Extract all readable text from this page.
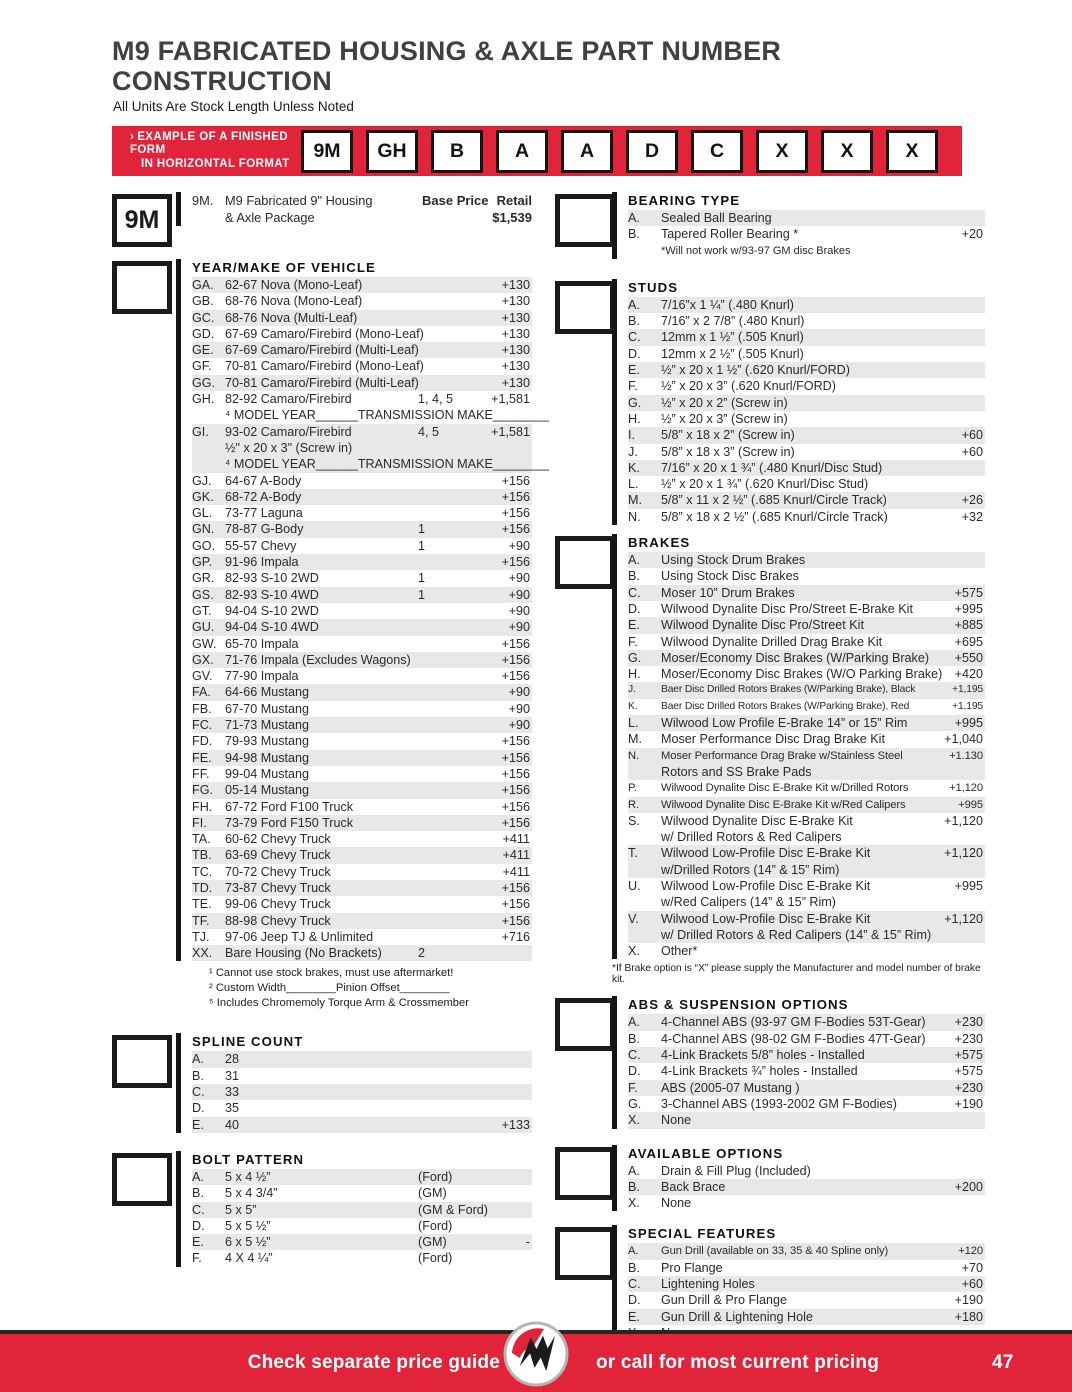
M9 FABRICATED HOUSING & AXLE PART NUMBER CONSTRUCTION
All Units Are Stock Length Unless Noted
› EXAMPLE OF A FINISHED FORM
IN HORIZONTAL FORMAT
9M	GH	B	A	A	D	C	X	X	X
9M
9M. M9 Fabricated 9" Housing	Base Price Retail
& Axle Package	$1,539
YEAR/MAKE OF VEHICLE
GA. 62-67 Nova (Mono-Leaf)	+130
GB. 68-76 Nova (Mono-Leaf)	+130
GC. 68-76 Nova (Multi-Leaf)	+130
GD. 67-69 Camaro/Firebird (Mono-Leaf)	+130
GE. 67-69 Camaro/Firebird (Multi-Leaf)	+130
GF. 70-81 Camaro/Firebird (Mono-Leaf)	+130
GG. 70-81 Camaro/Firebird (Multi-Leaf)	+130
GH. 82-92 Camaro/Firebird	1, 4, 5	+1,581
⁴ MODEL YEAR______TRANSMISSION MAKE________
GI. 93-02 Camaro/Firebird	4, 5	+1,581
½" x 20 x 3" (Screw in)
⁴ MODEL YEAR______TRANSMISSION MAKE________
GJ. 64-67 A-Body	+156
GK. 68-72 A-Body	+156
GL. 73-77 Laguna	+156
GN. 78-87 G-Body	1	+156
GO. 55-57 Chevy	1	+90
GP. 91-96 Impala	+156
GR. 82-93 S-10 2WD	1	+90
GS. 82-93 S-10 4WD	1	+90
GT. 94-04 S-10 2WD	+90
GU. 94-04 S-10 4WD	+90
GW. 65-70 Impala	+156
GX. 71-76 Impala (Excludes Wagons)	+156
GV. 77-90 Impala	+156
FA. 64-66 Mustang	+90
FB. 67-70 Mustang	+90
FC. 71-73 Mustang	+90
FD. 79-93 Mustang	+156
FE. 94-98 Mustang	+156
FF. 99-04 Mustang	+156
FG. 05-14 Mustang	+156
FH. 67-72 Ford F100 Truck	+156
FI. 73-79 Ford F150 Truck	+156
TA. 60-62 Chevy Truck	+411
TB. 63-69 Chevy Truck	+411
TC. 70-72 Chevy Truck	+411
TD. 73-87 Chevy Truck	+156
TE. 99-06 Chevy Truck	+156
TF. 88-98 Chevy Truck	+156
TJ. 97-06 Jeep TJ & Unlimited	+716
XX. Bare Housing (No Brackets)	2
¹ Cannot use stock brakes, must use aftermarket!
² Custom Width________Pinion Offset________
⁵ Includes Chromemoly Torque Arm & Crossmember
SPLINE COUNT
A. 28
B. 31
C. 33
D. 35
E. 40	+133
BOLT PATTERN
A. 5 x 4 ½”	(Ford)
B. 5 x 4 3/4”	(GM)
C. 5 x 5”	(GM & Ford)
D. 5 x 5 ½”	(Ford)
E. 6 x 5 ½”	(GM)	-
F. 4 X 4 ¼”	(Ford)
BEARING TYPE
A. Sealed Ball Bearing
B. Tapered Roller Bearing *	+20
*Will not work w/93-97 GM disc Brakes
STUDS
A. 7/16”x 1 ¼” (.480 Knurl)
B. 7/16” x 2 7/8” (.480 Knurl)
C. 12mm x 1 ½” (.505 Knurl)
D. 12mm x 2 ½” (.505 Knurl)
E. ½” x 20 x 1 ½” (.620 Knurl/FORD)
F. ½” x 20 x 3” (.620 Knurl/FORD)
G. ½” x 20 x 2” (Screw in)
H. ½” x 20 x 3” (Screw in)
I. 5/8” x 18 x 2” (Screw in)	+60
J. 5/8” x 18 x 3” (Screw in)	+60
K. 7/16” x 20 x 1 ¾” (.480 Knurl/Disc Stud)
L. ½” x 20 x 1 ¾” (.620 Knurl/Disc Stud)
M. 5/8” x 11 x 2 ½” (.685 Knurl/Circle Track)	+26
N. 5/8” x 18 x 2 ½” (.685 Knurl/Circle Track)	+32
BRAKES
A. Using Stock Drum Brakes
B. Using Stock Disc Brakes
C. Moser 10” Drum Brakes	+575
D. Wilwood Dynalite Disc Pro/Street E-Brake Kit	+995
E. Wilwood Dynalite Disc Pro/Street Kit	+885
F. Wilwood Dynalite Drilled Drag Brake Kit	+695
G. Moser/Economy Disc Brakes (W/Parking Brake) +550
H. Moser/Economy Disc Brakes (W/O Parking Brake) +420
J. Baer Disc Drilled Rotors Brakes (W/Parking Brake), Black	+1,195
K. Baer Disc Drilled Rotors Brakes (W/Parking Brake), Red	+1,195
L. Wilwood Low Profile E-Brake 14” or 15” Rim	+995
M. Moser Performance Disc Drag Brake Kit	+1,040
N. Moser Performance Drag Brake w/Stainless Steel	+1.130
Rotors and SS Brake Pads
P. Wilwood Dynalite Disc E-Brake Kit w/Drilled Rotors	+1,120
R. Wilwood Dynalite Disc E-Brake Kit w/Red Calipers	+995
S. Wilwood Dynalite Disc E-Brake Kit	+1,120
w/ Drilled Rotors & Red Calipers
T. Wilwood Low-Profile Disc E-Brake Kit	+1,120
w/Drilled Rotors (14” & 15” Rim)
U. Wilwood Low-Profile Disc E-Brake Kit	+995
w/Red Calipers (14” & 15” Rim)
V. Wilwood Low-Profile Disc E-Brake Kit	+1,120
w/ Drilled Rotors & Red Calipers (14” & 15” Rim)
X. Other*
*If Brake option is “X” please supply the Manufacturer and model number of brake kit.
ABS & SUSPENSION OPTIONS
A. 4-Channel ABS (93-97 GM F-Bodies 53T-Gear) +230
B. 4-Channel ABS (98-02 GM F-Bodies 47T-Gear) +230
C. 4-Link Brackets 5/8” holes - Installed	+575
D. 4-Link Brackets ¾” holes - Installed	+575
F. ABS (2005-07 Mustang )	+230
G. 3-Channel ABS (1993-2002 GM F-Bodies)	+190
X. None
AVAILABLE OPTIONS
A. Drain & Fill Plug (Included)
B. Back Brace	+200
X. None
SPECIAL FEATURES
A. Gun Drill (available on 33, 35 & 40 Spline only)	+120
B. Pro Flange	+70
C. Lightening Holes	+60
D. Gun Drill & Pro Flange	+190
E. Gun Drill & Lightening Hole	+180
Check separate price guide	or call for most current pricing	47
